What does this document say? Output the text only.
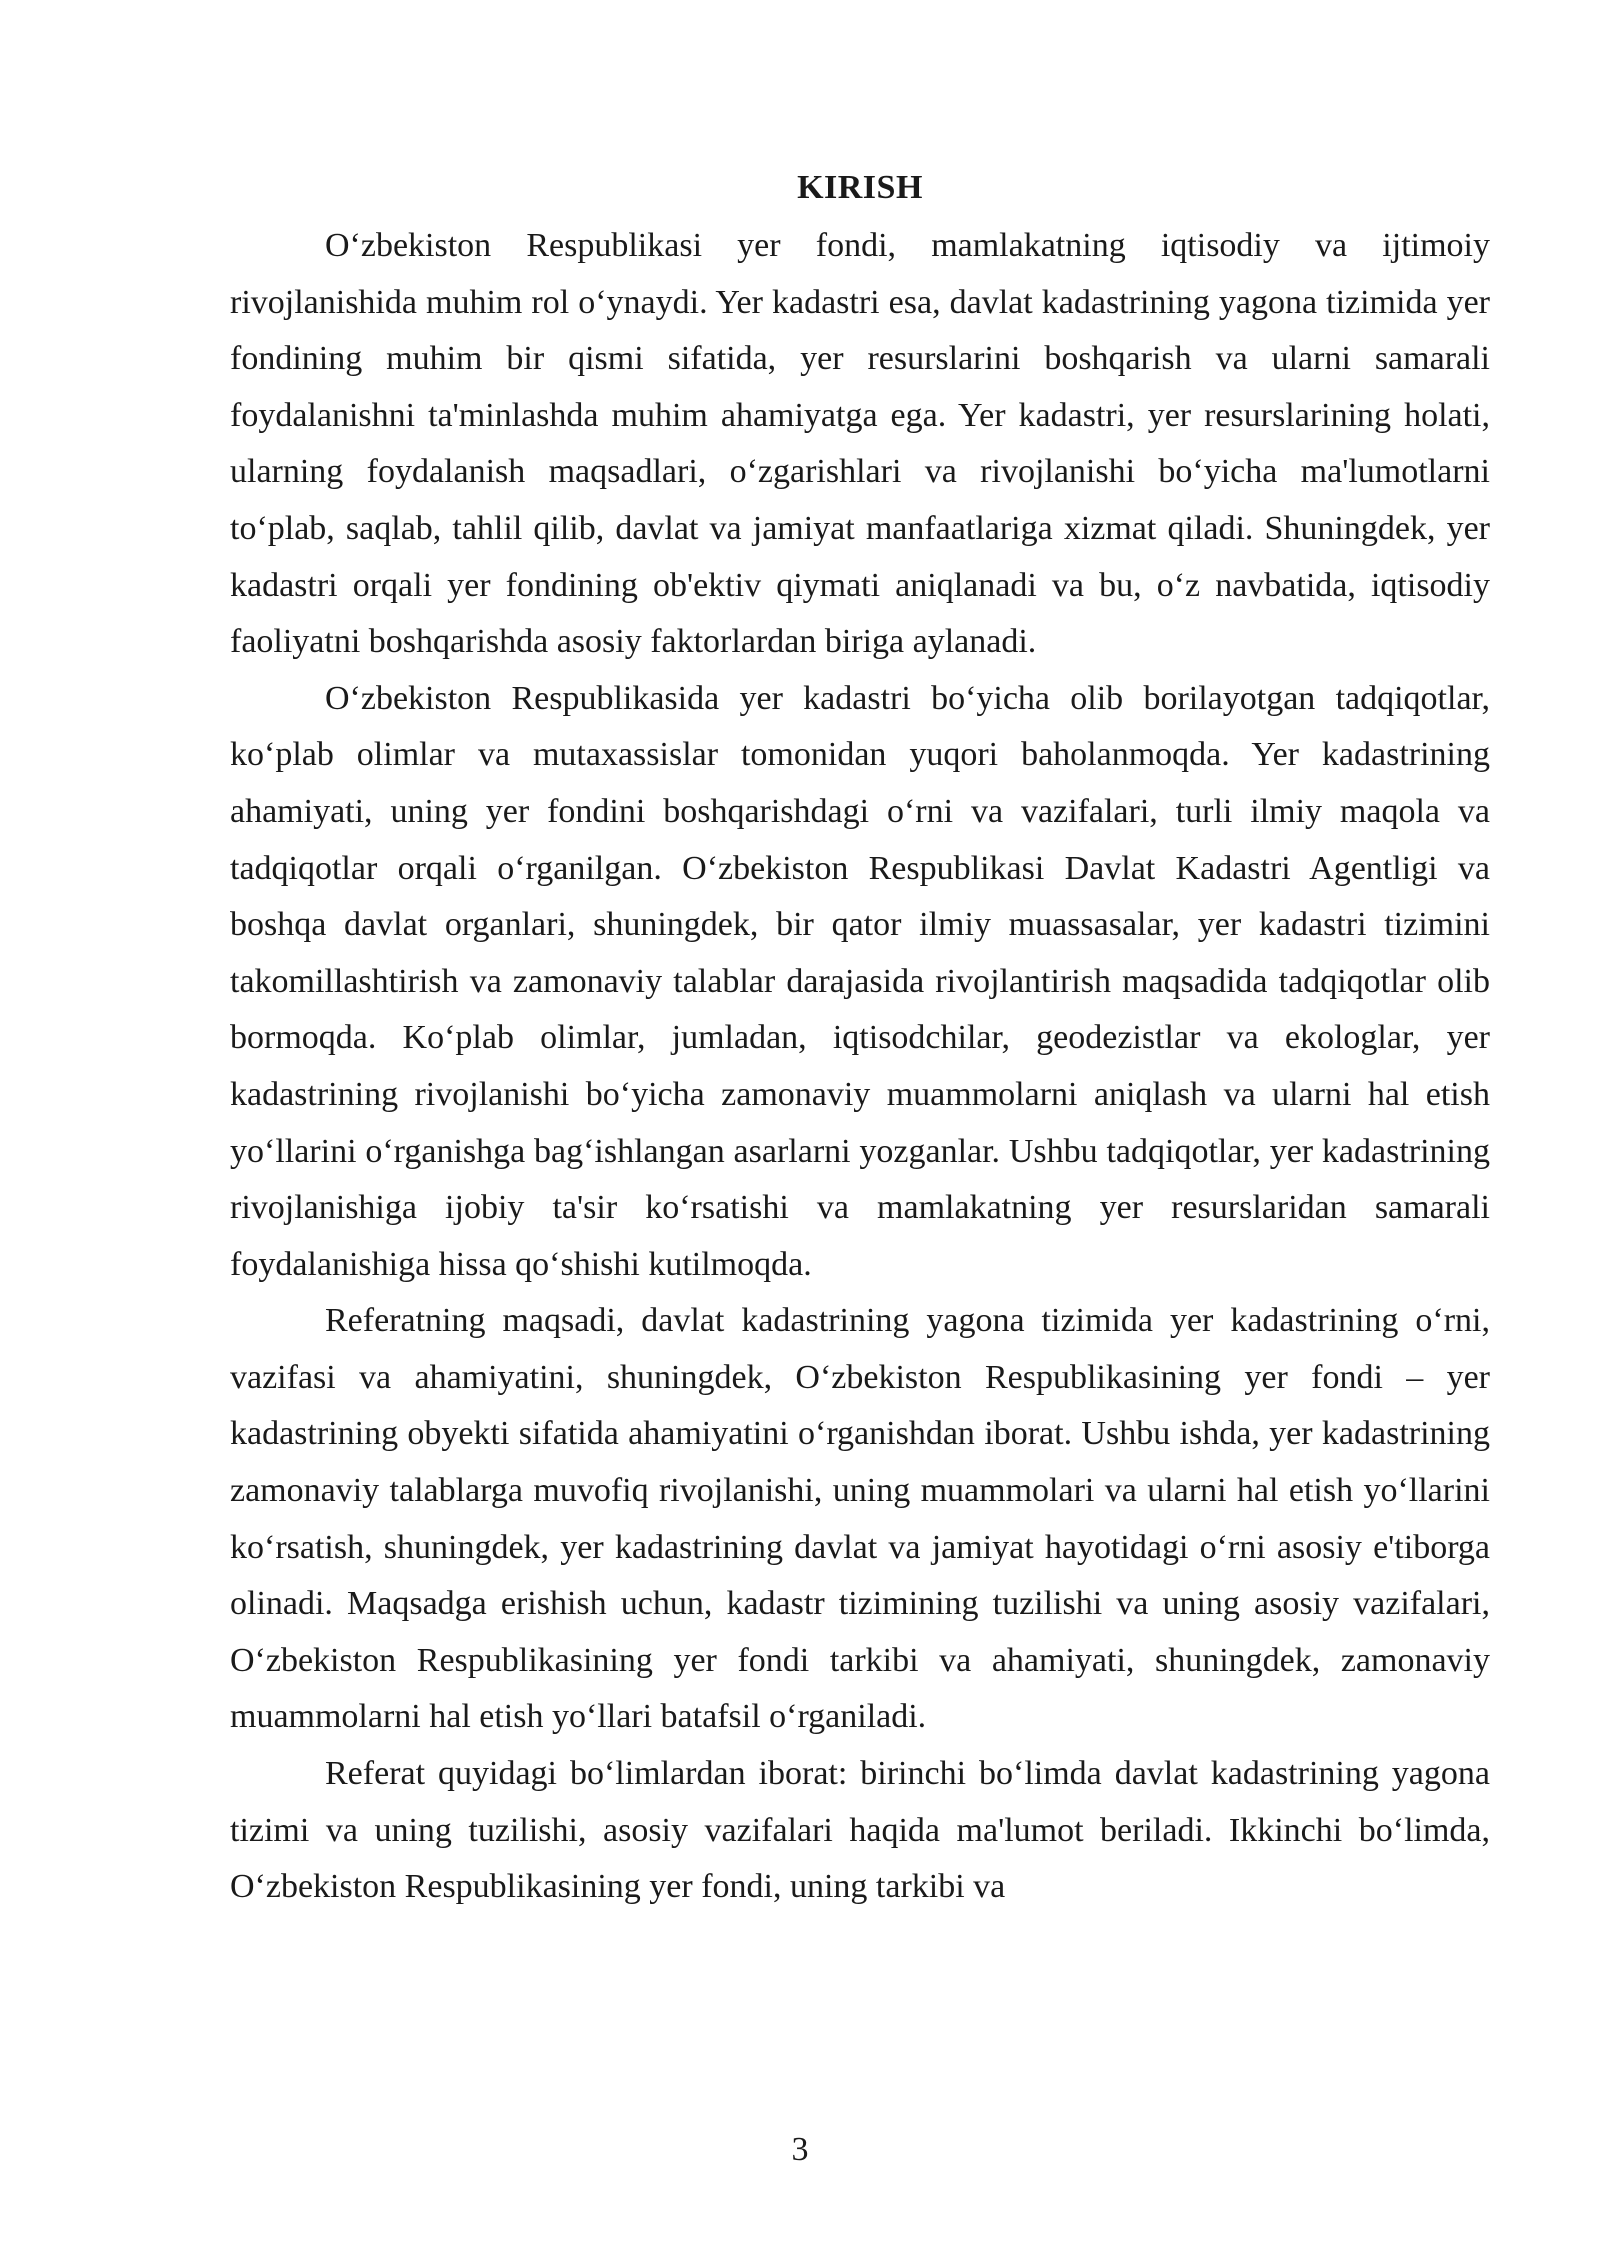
KIRISH

O‘zbekiston Respublikasi yer fondi, mamlakatning iqtisodiy va ijtimoiy rivojlanishida muhim rol o‘ynaydi. Yer kadastri esa, davlat kadastrining yagona tizimida yer fondining muhim bir qismi sifatida, yer resurslarini boshqarish va ularni samarali foydalanishni ta'minlashda muhim ahamiyatga ega. Yer kadastri, yer resurslarining holati, ularning foydalanish maqsadlari, o‘zgarishlari va rivojlanishi bo‘yicha ma'lumotlarni to‘plab, saqlab, tahlil qilib, davlat va jamiyat manfaatlariga xizmat qiladi. Shuningdek, yer kadastri orqali yer fondining ob'ektiv qiymati aniqlanadi va bu, o‘z navbatida, iqtisodiy faoliyatni boshqarishda asosiy faktorlardan biriga aylanadi.

O‘zbekiston Respublikasida yer kadastri bo‘yicha olib borilayotgan tadqiqotlar, ko‘plab olimlar va mutaxassislar tomonidan yuqori baholanmoqda. Yer kadastrining ahamiyati, uning yer fondini boshqarishdagi o‘rni va vazifalari, turli ilmiy maqola va tadqiqotlar orqali o‘rganilgan. O‘zbekiston Respublikasi Davlat Kadastri Agentligi va boshqa davlat organlari, shuningdek, bir qator ilmiy muassasalar, yer kadastri tizimini takomillashtirish va zamonaviy talablar darajasida rivojlantirish maqsadida tadqiqotlar olib bormoqda. Ko‘plab olimlar, jumladan, iqtisodchilar, geodezistlar va ekologlar, yer kadastrining rivojlanishi bo‘yicha zamonaviy muammolarni aniqlash va ularni hal etish yo‘llarini o‘rganishga bag‘ishlangan asarlarni yozganlar. Ushbu tadqiqotlar, yer kadastrining rivojlanishiga ijobiy ta'sir ko‘rsatishi va mamlakatning yer resurslaridan samarali foydalanishiga hissa qo‘shishi kutilmoqda.

Referatning maqsadi, davlat kadastrining yagona tizimida yer kadastrining o‘rni, vazifasi va ahamiyatini, shuningdek, O‘zbekiston Respublikasining yer fondi – yer kadastrining obyekti sifatida ahamiyatini o‘rganishdan iborat. Ushbu ishda, yer kadastrining zamonaviy talablarga muvofiq rivojlanishi, uning muammolari va ularni hal etish yo‘llarini ko‘rsatish, shuningdek, yer kadastrining davlat va jamiyat hayotidagi o‘rni asosiy e'tiborga olinadi. Maqsadga erishish uchun, kadastr tizimining tuzilishi va uning asosiy vazifalari, O‘zbekiston Respublikasining yer fondi tarkibi va ahamiyati, shuningdek, zamonaviy muammolarni hal etish yo‘llari batafsil o‘rganiladi.

Referat quyidagi bo‘limlardan iborat: birinchi bo‘limda davlat kadastrining yagona tizimi va uning tuzilishi, asosiy vazifalari haqida ma'lumot beriladi. Ikkinchi bo‘limda, O‘zbekiston Respublikasining yer fondi, uning tarkibi va

3
